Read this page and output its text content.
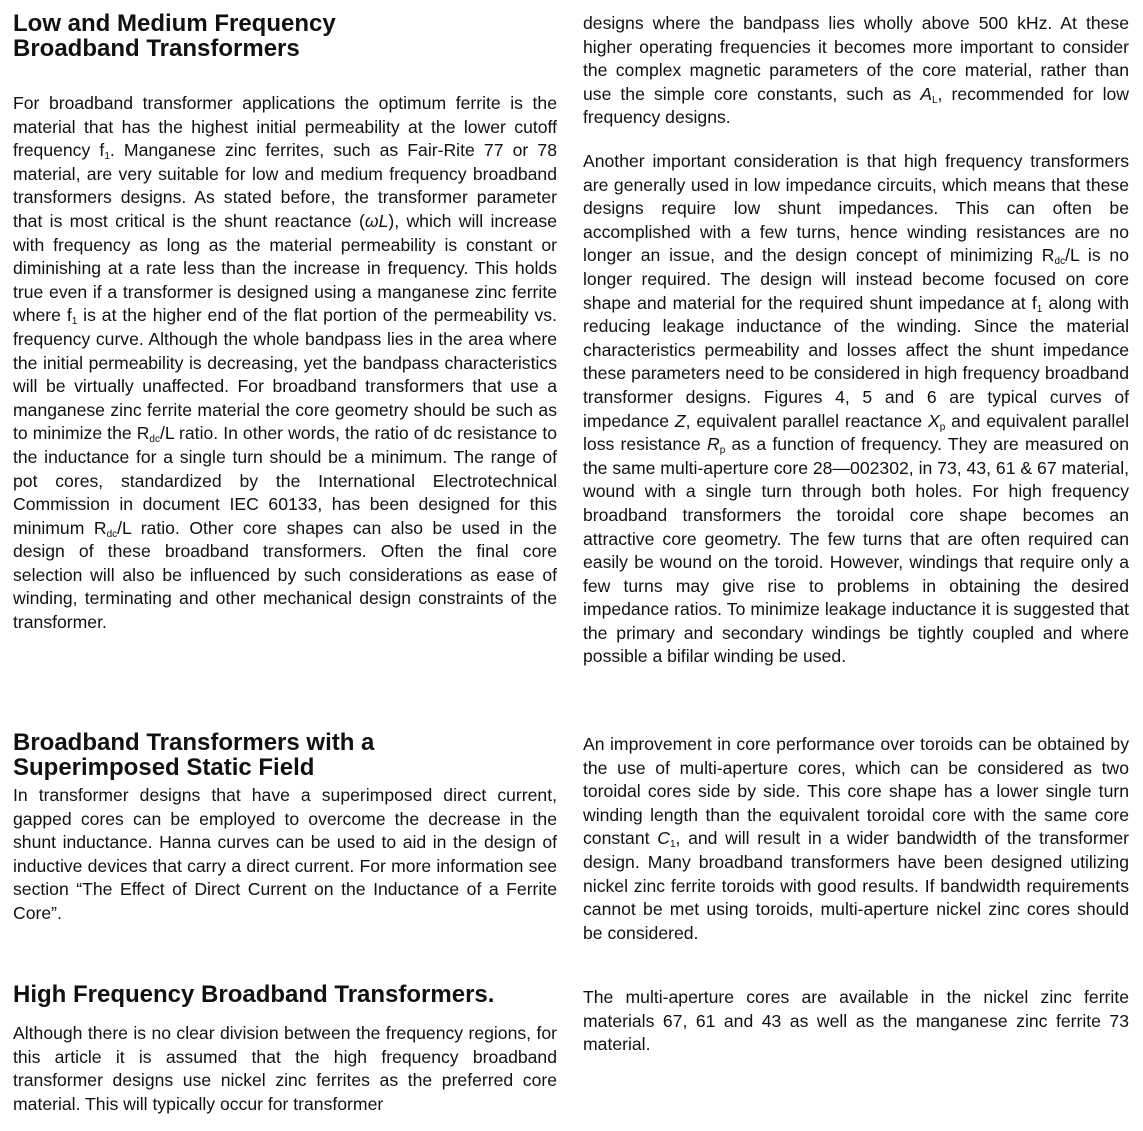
Low and Medium Frequency
Broadband Transformers

For broadband transformer applications the optimum ferrite is the material that has the highest initial permeability at the lower cutoff frequency $f_1$. Manganese zinc ferrites, such as Fair-Rite 77 or 78 material, are very suitable for low and medium frequency broadband transformers designs. As stated before, the transformer parameter that is most critical is the shunt reactance (ωL), which will increase with frequency as long as the material permeability is constant or diminishing at a rate less than the increase in frequency. This holds true even if a transformer is designed using a manganese zinc ferrite where $f_1$ is at the higher end of the flat portion of the permeability vs. frequency curve. Although the whole bandpass lies in the area where the initial permeability is decreasing, yet the bandpass characteristics will be virtually unaffected. For broadband transformers that use a manganese zinc ferrite material the core geometry should be such as to minimize the $R_{dc}/L$ ratio. In other words, the ratio of dc resistance to the inductance for a single turn should be a minimum. The range of pot cores, standardized by the International Electrotechnical Commission in document IEC 60133, has been designed for this minimum $R_{dc}/L$ ratio. Other core shapes can also be used in the design of these broadband transformers. Often the final core selection will also be influenced by such considerations as ease of winding, terminating and other mechanical design constraints of the transformer.

Broadband Transformers with a
Superimposed Static Field

In transformer designs that have a superimposed direct current, gapped cores can be employed to overcome the decrease in the shunt inductance. Hanna curves can be used to aid in the design of inductive devices that carry a direct current. For more information see section “The Effect of Direct Current on the Inductance of a Ferrite Core”.

High Frequency Broadband Transformers.

Although there is no clear division between the frequency regions, for this article it is assumed that the high frequency broadband transformer designs use nickel zinc ferrites as the preferred core material. This will typically occur for transformer

designs where the bandpass lies wholly above 500 kHz. At these higher operating frequencies it becomes more important to consider the complex magnetic parameters of the core material, rather than use the simple core constants, such as $A_L$, recommended for low frequency designs.

Another important consideration is that high frequency transformers are generally used in low impedance circuits, which means that these designs require low shunt impedances. This can often be accomplished with a few turns, hence winding resistances are no longer an issue, and the design concept of minimizing $R_{dc}/L$ is no longer required. The design will instead become focused on core shape and material for the required shunt impedance at $f_1$ along with reducing leakage inductance of the winding. Since the material characteristics permeability and losses affect the shunt impedance these parameters need to be considered in high frequency broadband transformer designs. Figures 4, 5 and 6 are typical curves of impedance Z, equivalent parallel reactance $X_p$ and equivalent parallel loss resistance $R_p$ as a function of frequency. They are measured on the same multi-aperture core 28—002302, in 73, 43, 61 & 67 material, wound with a single turn through both holes. For high frequency broadband transformers the toroidal core shape becomes an attractive core geometry. The few turns that are often required can easily be wound on the toroid. However, windings that require only a few turns may give rise to problems in obtaining the desired impedance ratios. To minimize leakage inductance it is suggested that the primary and secondary windings be tightly coupled and where possible a bifilar winding be used.

An improvement in core performance over toroids can be obtained by the use of multi-aperture cores, which can be considered as two toroidal cores side by side. This core shape has a lower single turn winding length than the equivalent toroidal core with the same core constant $C_1$, and will result in a wider bandwidth of the transformer design. Many broadband transformers have been designed utilizing nickel zinc ferrite toroids with good results. If bandwidth requirements cannot be met using toroids, multi-aperture nickel zinc cores should be considered.

The multi-aperture cores are available in the nickel zinc ferrite materials 67, 61 and 43 as well as the manganese zinc ferrite 73 material.
